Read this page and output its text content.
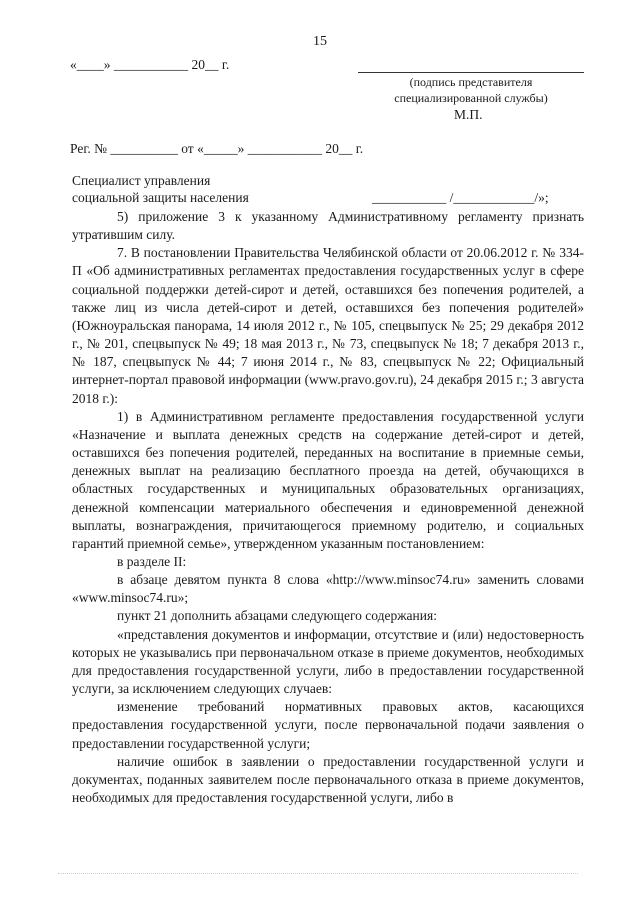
15
«____» ___________ 20__ г.
(подпись представителя
специализированной службы)
М.П.
Рег. № __________ от «_____» ___________ 20__ г.
Специалист управления
социальной защиты населения	___________ /____________/»;

5) приложение 3 к указанному Административному регламенту признать утратившим силу.

7. В постановлении Правительства Челябинской области от 20.06.2012 г. № 334-П «Об административных регламентах предоставления государственных услуг в сфере социальной поддержки детей-сирот и детей, оставшихся без попечения родителей, а также лиц из числа детей-сирот и детей, оставшихся без попечения родителей» (Южноуральская панорама, 14 июля 2012 г., № 105, спецвыпуск № 25; 29 декабря 2012 г., № 201, спецвыпуск № 49; 18 мая 2013 г., № 73, спецвыпуск № 18; 7 декабря 2013 г., № 187, спецвыпуск № 44; 7 июня 2014 г., № 83, спецвыпуск № 22; Официальный интернет-портал правовой информации (www.pravo.gov.ru), 24 декабря 2015 г.; 3 августа 2018 г.):

1) в Административном регламенте предоставления государственной услуги «Назначение и выплата денежных средств на содержание детей-сирот и детей, оставшихся без попечения родителей, переданных на воспитание в приемные семьи, денежных выплат на реализацию бесплатного проезда на детей, обучающихся в областных государственных и муниципальных образовательных организациях, денежной компенсации материального обеспечения и единовременной денежной выплаты, вознаграждения, причитающегося приемному родителю, и социальных гарантий приемной семье», утвержденном указанным постановлением:

в разделе II:

в абзаце девятом пункта 8 слова «http://www.minsoc74.ru» заменить словами «www.minsoc74.ru»;

пункт 21 дополнить абзацами следующего содержания:

«представления документов и информации, отсутствие и (или) недостоверность которых не указывались при первоначальном отказе в приеме документов, необходимых для предоставления государственной услуги, либо в предоставлении государственной услуги, за исключением следующих случаев:

изменение требований нормативных правовых актов, касающихся предоставления государственной услуги, после первоначальной подачи заявления о предоставлении государственной услуги;

наличие ошибок в заявлении о предоставлении государственной услуги и документах, поданных заявителем после первоначального отказа в приеме документов, необходимых для предоставления государственной услуги, либо в
